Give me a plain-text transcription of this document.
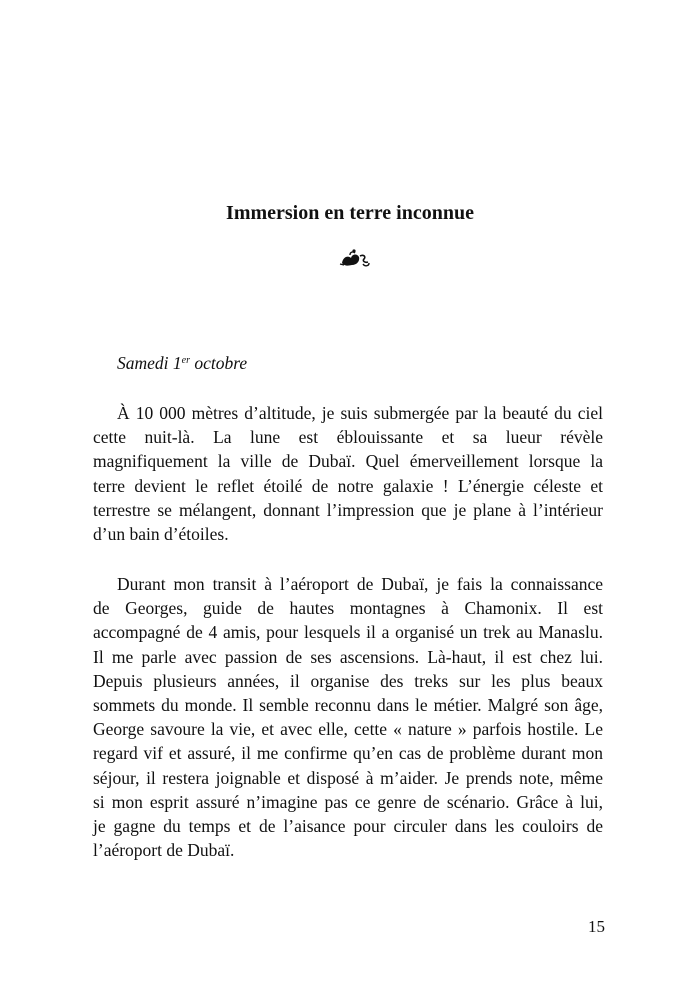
Immersion en terre inconnue

Samedi 1er octobre

À 10 000 mètres d’altitude, je suis submergée par la beauté du ciel
cette nuit-là. La lune est éblouissante et sa lueur révèle
magnifiquement la ville de Dubaï. Quel émerveillement lorsque la
terre devient le reflet étoilé de notre galaxie ! L’énergie céleste et
terrestre se mélangent, donnant l’impression que je plane à l’intérieur
d’un bain d’étoiles.
Durant mon transit à l’aéroport de Dubaï, je fais la connaissance
de Georges, guide de hautes montagnes à Chamonix. Il est
accompagné de 4 amis, pour lesquels il a organisé un trek au Manaslu.
Il me parle avec passion de ses ascensions. Là-haut, il est chez lui.
Depuis plusieurs années, il organise des treks sur les plus beaux
sommets du monde. Il semble reconnu dans le métier. Malgré son âge,
George savoure la vie, et avec elle, cette « nature » parfois hostile. Le
regard vif et assuré, il me confirme qu’en cas de problème durant mon
séjour, il restera joignable et disposé à m’aider. Je prends note, même
si mon esprit assuré n’imagine pas ce genre de scénario. Grâce à lui,
je gagne du temps et de l’aisance pour circuler dans les couloirs de
l’aéroport de Dubaï.

15
